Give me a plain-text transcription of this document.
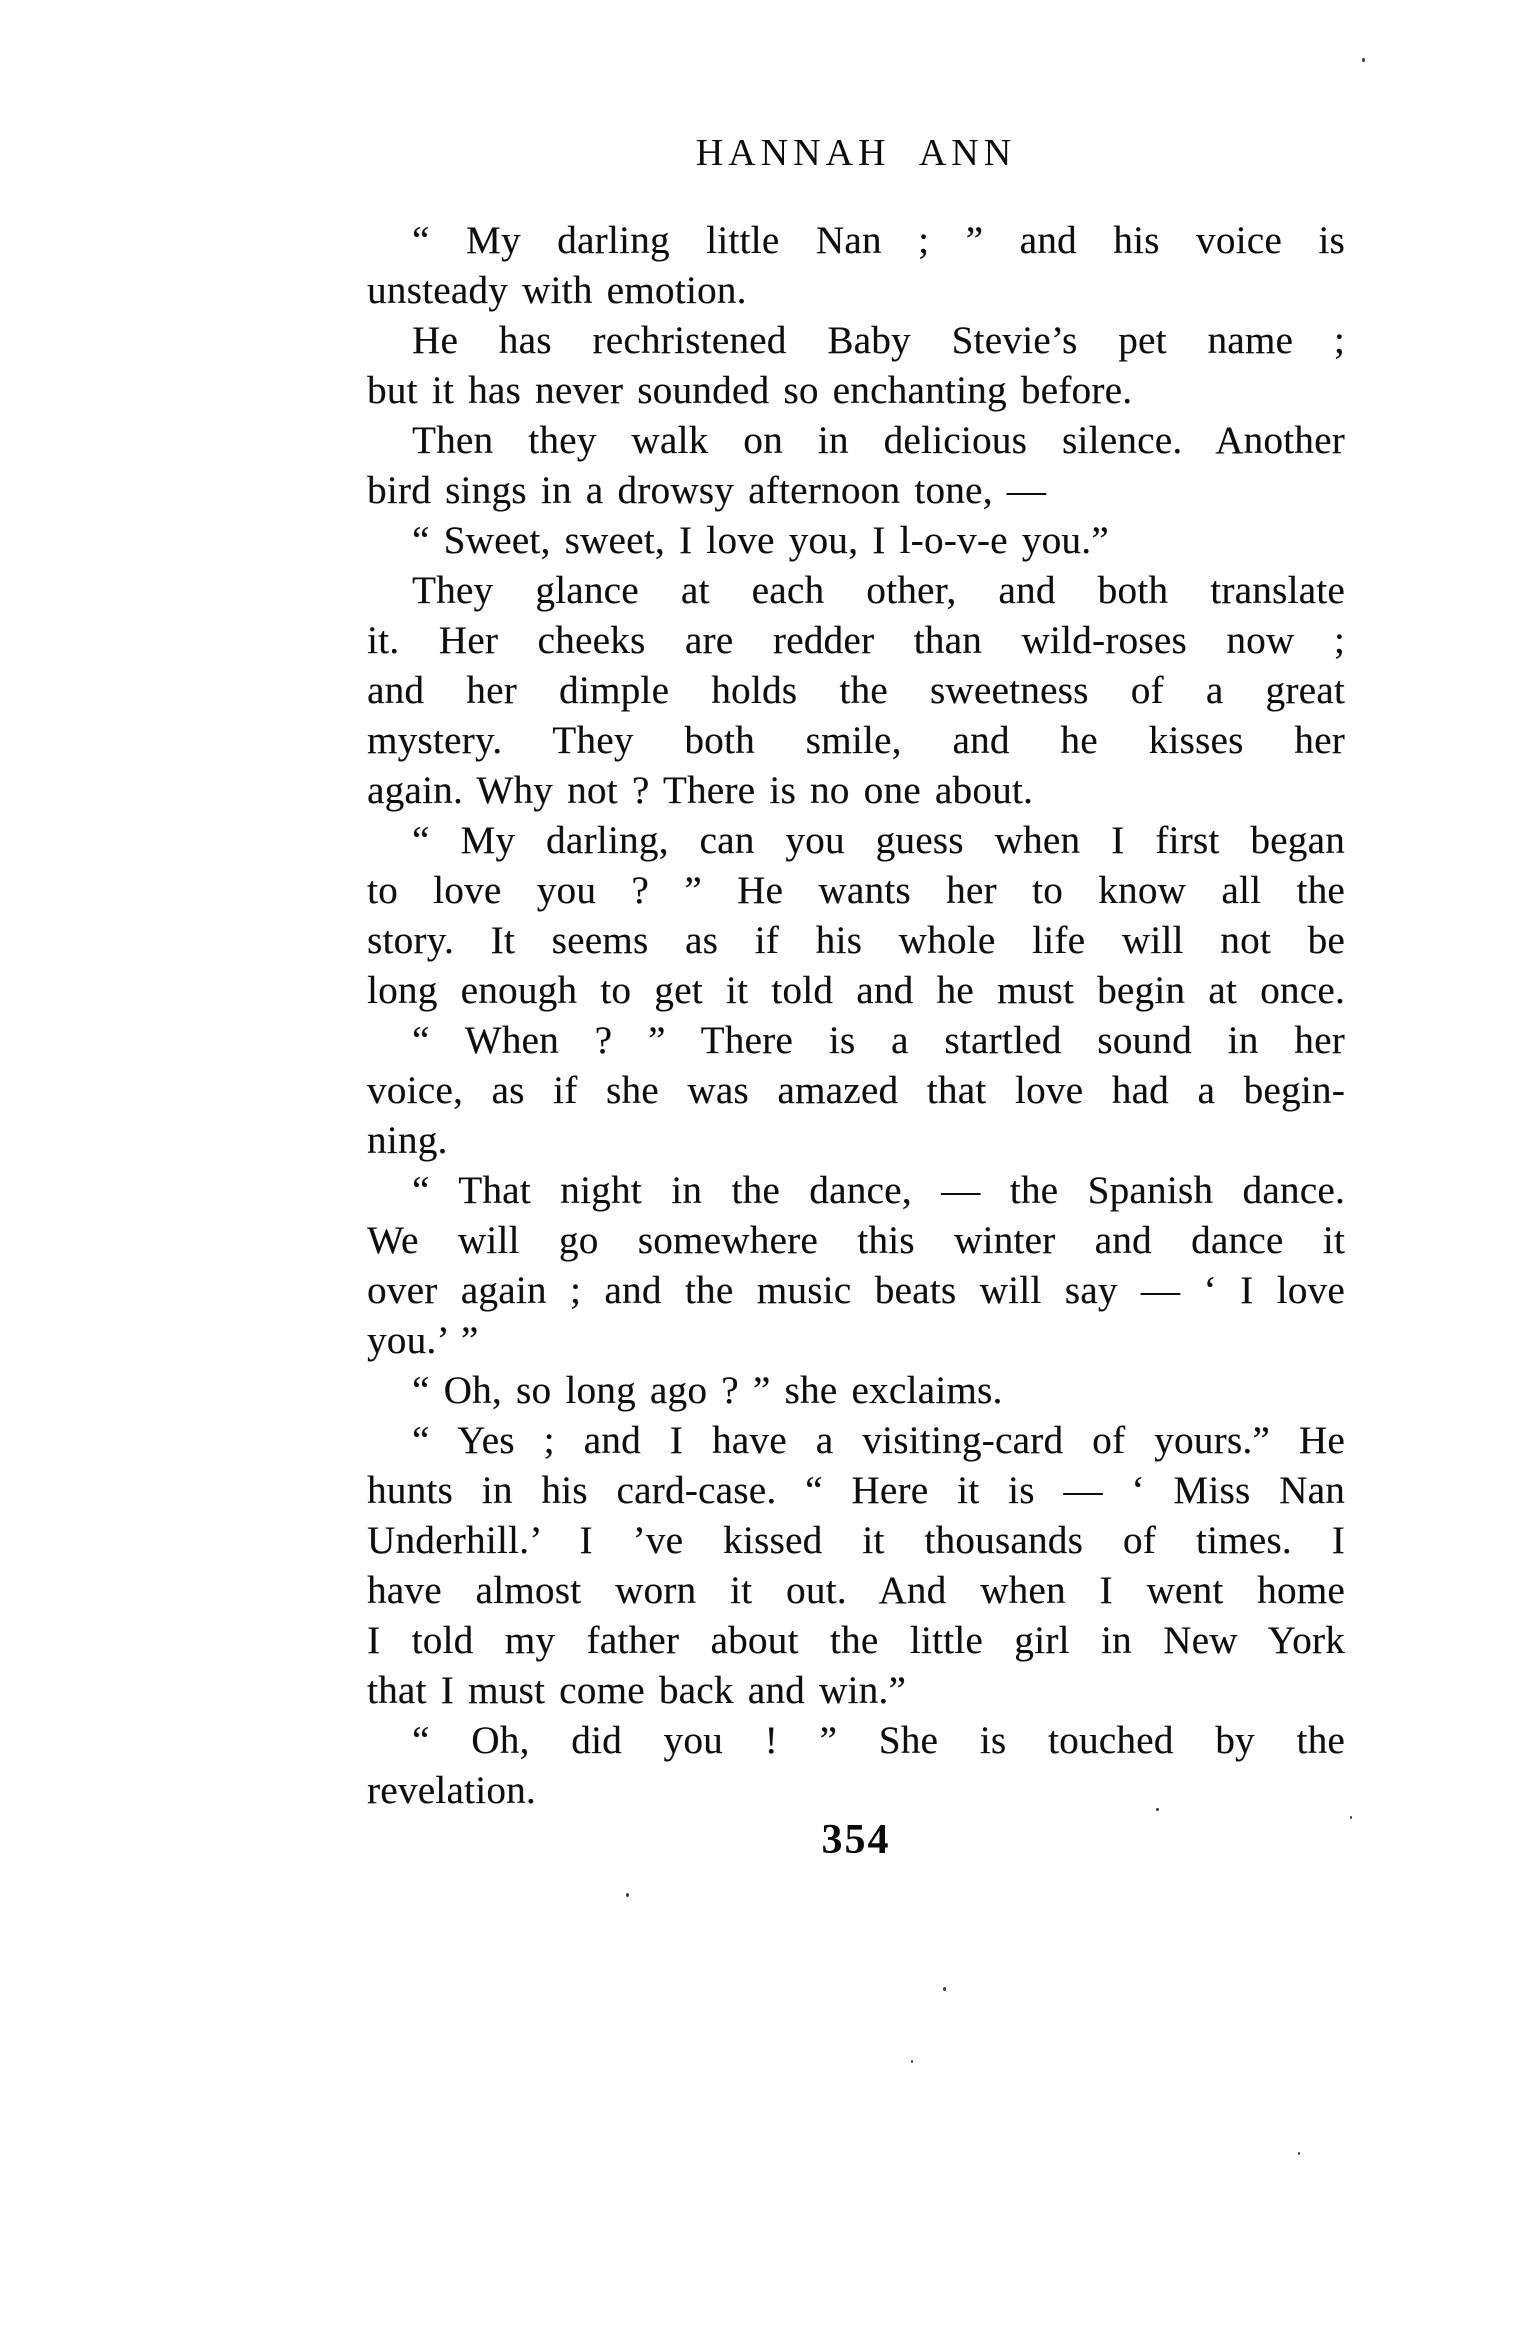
HANNAH ANN
“ My darling little Nan ; ” and his voice is
unsteady with emotion.
He has rechristened Baby Stevie’s pet name ;
but it has never sounded so enchanting before.
Then they walk on in delicious silence. Another
bird sings in a drowsy afternoon tone, —
“ Sweet, sweet, I love you, I l-o-v-e you.”
They glance at each other, and both translate
it. Her cheeks are redder than wild-roses now ;
and her dimple holds the sweetness of a great
mystery. They both smile, and he kisses her
again. Why not ? There is no one about.
“ My darling, can you guess when I first began
to love you ? ” He wants her to know all the
story. It seems as if his whole life will not be
long enough to get it told and he must begin at once.
“ When ? ” There is a startled sound in her
voice, as if she was amazed that love had a begin-
ning.
“ That night in the dance, — the Spanish dance.
We will go somewhere this winter and dance it
over again ; and the music beats will say — ‘ I love
you.’ ”
“ Oh, so long ago ? ” she exclaims.
“ Yes ; and I have a visiting-card of yours.” He
hunts in his card-case. “ Here it is — ‘ Miss Nan
Underhill.’ I ’ve kissed it thousands of times. I
have almost worn it out. And when I went home
I told my father about the little girl in New York
that I must come back and win.”
“ Oh, did you ! ” She is touched by the
revelation.
354
